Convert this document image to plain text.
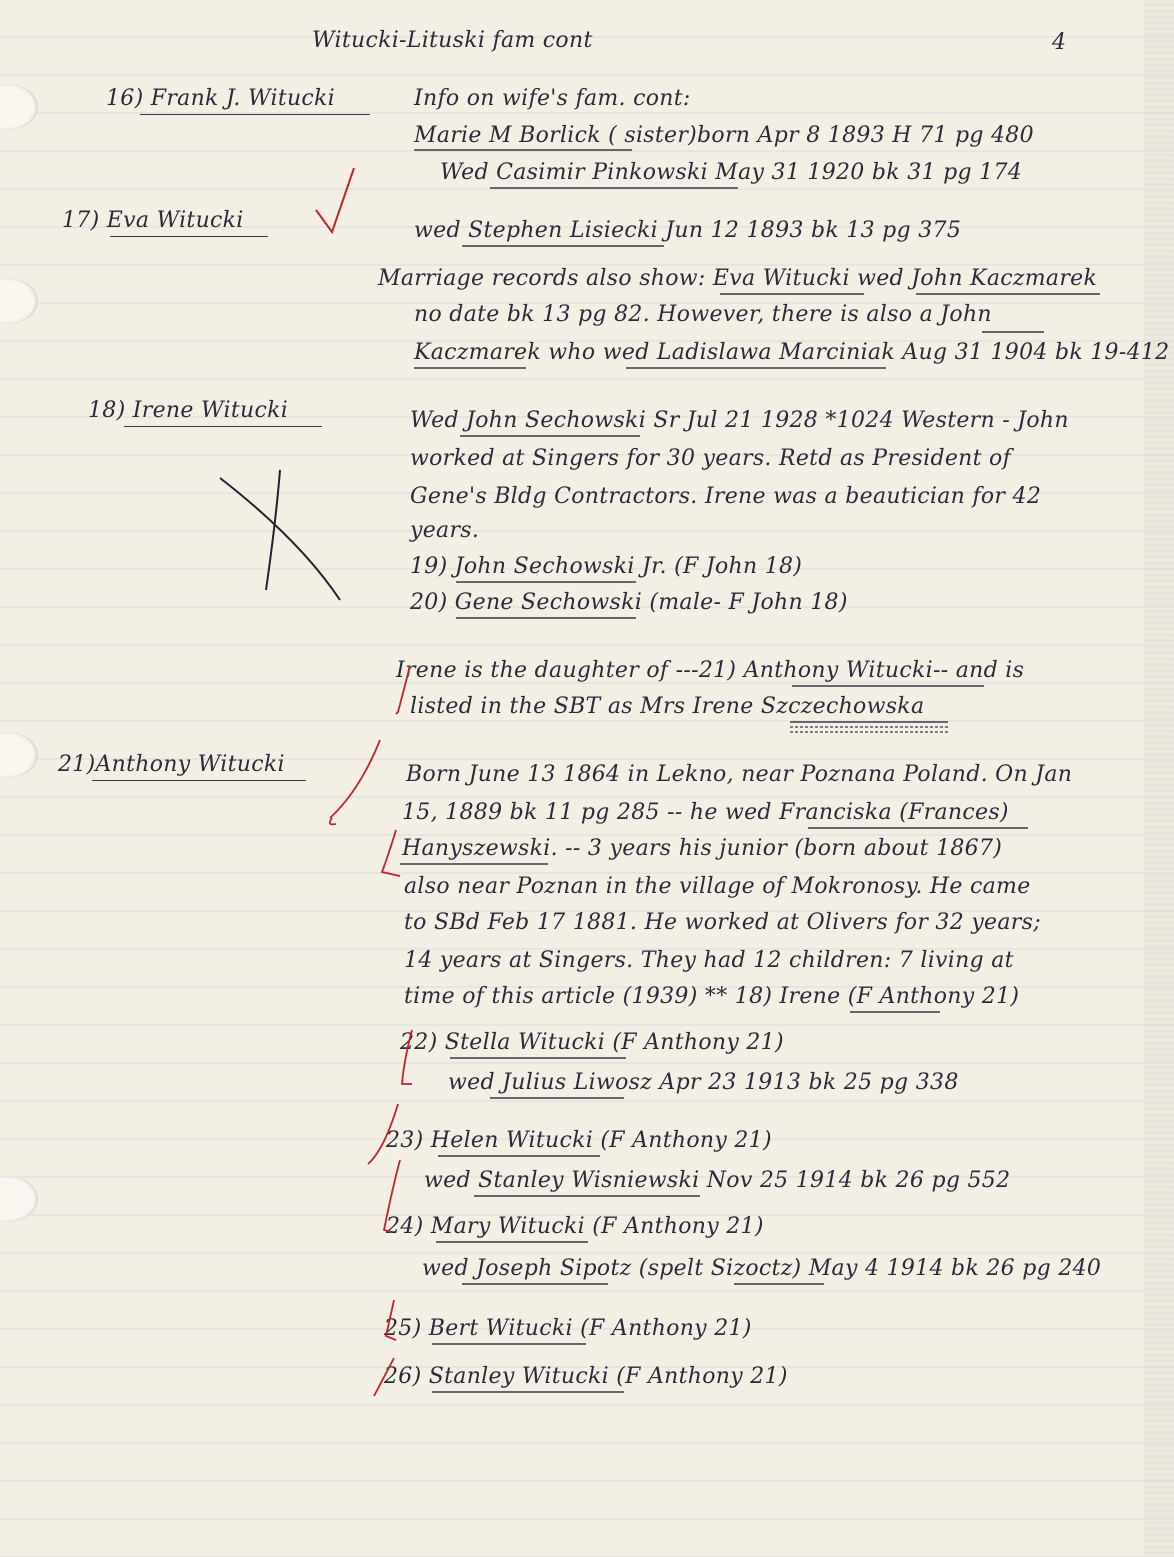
Witucki-Lituski fam cont	4
16) Frank J. Witucki	Info on wife's fam. cont:
Marie M Borlick ( sister)born Apr 8 1893 H 71 pg 480
Wed Casimir Pinkowski May 31 1920 bk 31 pg 174
17) Eva Witucki	wed Stephen Lisiecki Jun 12 1893 bk 13 pg 375
Marriage records also show: Eva Witucki wed John Kaczmarek
no date bk 13 pg 82. However, there is also a John
Kaczmarek who wed Ladislawa Marciniak Aug 31 1904 bk 19-412
18) Irene Witucki	Wed John Sechowski Sr Jul 21 1928 *1024 Western - John
worked at Singers for 30 years. Retd as President of
Gene's Bldg Contractors. Irene was a beautician for 42
years.
19) John Sechowski Jr. (F John 18)
20) Gene Sechowski (male- F John 18)
Irene is the daughter of ---21) Anthony Witucki-- and is
listed in the SBT as Mrs Irene Szczechowska
21)Anthony Witucki	Born June 13 1864 in Lekno, near Poznana Poland. On Jan
15, 1889 bk 11 pg 285 -- he wed Franciska (Frances)
Hanyszewski. -- 3 years his junior (born about 1867)
also near Poznan in the village of Mokronosy. He came
to SBd Feb 17 1881. He worked at Olivers for 32 years;
14 years at Singers. They had 12 children: 7 living at
time of this article (1939) ** 18) Irene (F Anthony 21)
22) Stella Witucki (F Anthony 21)
wed Julius Liwosz Apr 23 1913 bk 25 pg 338
23) Helen Witucki (F Anthony 21)
wed Stanley Wisniewski Nov 25 1914 bk 26 pg 552
24) Mary Witucki (F Anthony 21)
wed Joseph Sipotz (spelt Sizoctz) May 4 1914 bk 26 pg 240
25) Bert Witucki (F Anthony 21)
26) Stanley Witucki (F Anthony 21)
